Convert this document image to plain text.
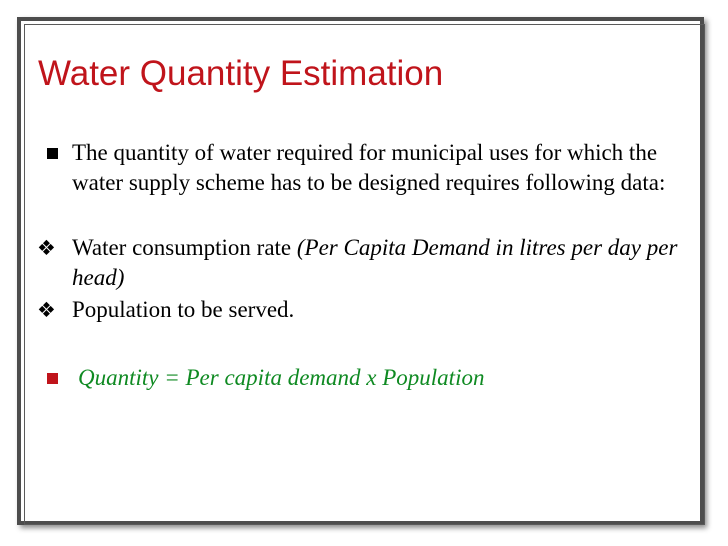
Water Quantity Estimation

The quantity of water required for municipal uses for which the water supply scheme has to be designed requires following data:

❖ Water consumption rate (Per Capita Demand in litres per day per head)

❖ Population to be served.

Quantity = Per capita demand x Population
